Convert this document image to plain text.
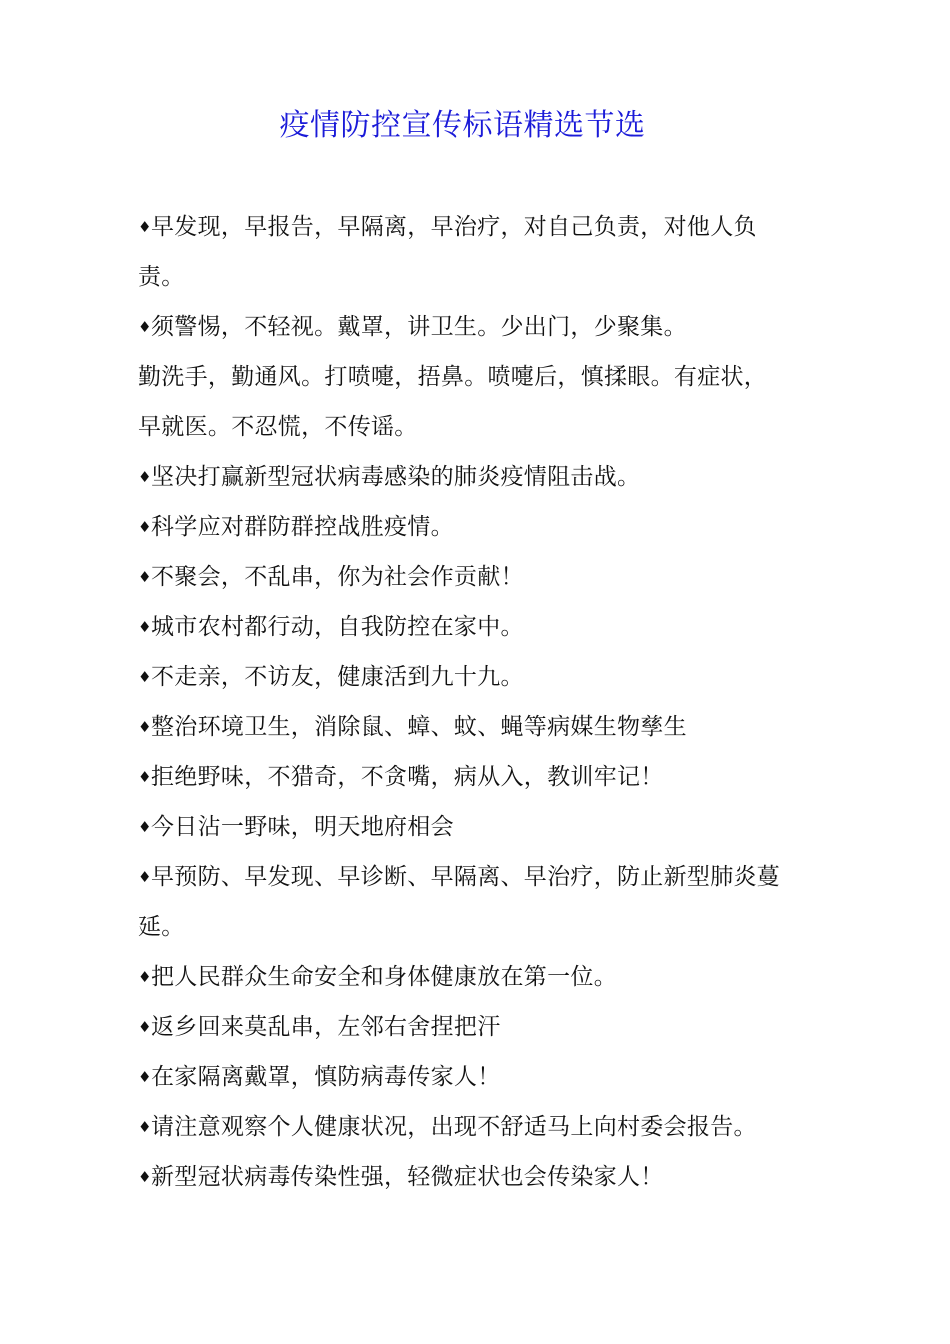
疫情防控宣传标语精选节选
♦早发现，早报告，早隔离，早治疗，对自己负责，对他人负
责。
♦须警惕，不轻视。戴罩，讲卫生。少出门，少聚集。
勤洗手，勤通风。打喷嚏，捂鼻。喷嚏后，慎揉眼。有症状，
早就医。不忍慌，不传谣。
♦坚决打赢新型冠状病毒感染的肺炎疫情阻击战。
♦科学应对群防群控战胜疫情。
♦不聚会，不乱串，你为社会作贡献！
♦城市农村都行动，自我防控在家中。
♦不走亲，不访友，健康活到九十九。
♦整治环境卫生，消除鼠、蟑、蚊、蝇等病媒生物孳生
♦拒绝野味，不猎奇，不贪嘴，病从入，教训牢记！
♦今日沾一野味，明天地府相会
♦早预防、早发现、早诊断、早隔离、早治疗，防止新型肺炎蔓
延。
♦把人民群众生命安全和身体健康放在第一位。
♦返乡回来莫乱串，左邻右舍捏把汗
♦在家隔离戴罩，慎防病毒传家人！
♦请注意观察个人健康状况，出现不舒适马上向村委会报告。
♦新型冠状病毒传染性强，轻微症状也会传染家人！
